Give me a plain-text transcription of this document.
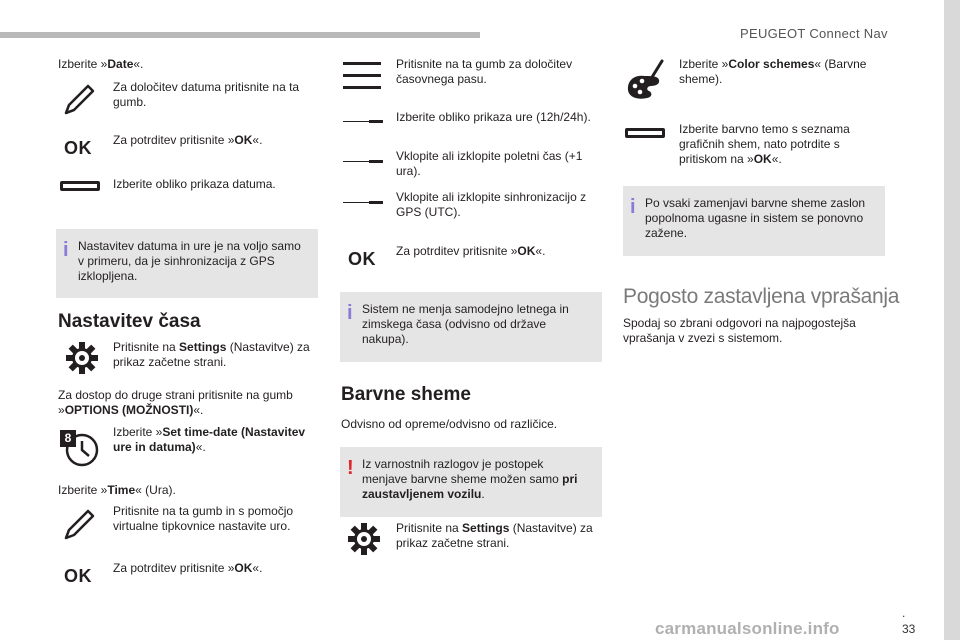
PEUGEOT Connect Nav
Izberite »Date«.
Za določitev datuma pritisnite na ta gumb.
OK Za potrditev pritisnite »OK«.
Izberite obliko prikaza datuma.
i Nastavitev datuma in ure je na voljo samo v primeru, da je sinhronizacija z GPS izklopljena.
Nastavitev časa
Pritisnite na Settings (Nastavitve) za prikaz začetne strani.
Za dostop do druge strani pritisnite na gumb »OPTIONS (MOŽNOSTI)«.
8	Izberite »Set time-date (Nastavitev ure in datuma)«.
Izberite »Time« (Ura).
Pritisnite na ta gumb in s pomočjo virtualne tipkovnice nastavite uro.
OK Za potrditev pritisnite »OK«.
Pritisnite na ta gumb za določitev časovnega pasu.
Izberite obliko prikaza ure (12h/24h).
Vklopite ali izklopite poletni čas (+1 ura).
Vklopite ali izklopite sinhronizacijo z GPS (UTC).
OK Za potrditev pritisnite »OK«.
i Sistem ne menja samodejno letnega in zimskega časa (odvisno od države nakupa).
Barvne sheme
Odvisno od opreme/odvisno od različice.
! Iz varnostnih razlogov je postopek menjave barvne sheme možen samo pri zaustavljenem vozilu.
Pritisnite na Settings (Nastavitve) za prikaz začetne strani.
Izberite »Color schemes« (Barvne sheme).
Izberite barvno temo s seznama grafičnih shem, nato potrdite s pritiskom na »OK«.
i Po vsaki zamenjavi barvne sheme zaslon popolnoma ugasne in sistem se ponovno zažene.
Pogosto zastavljena vprašanja
Spodaj so zbrani odgovori na najpogostejša vprašanja v zvezi s sistemom.
.
33
carmanualsonline.info
